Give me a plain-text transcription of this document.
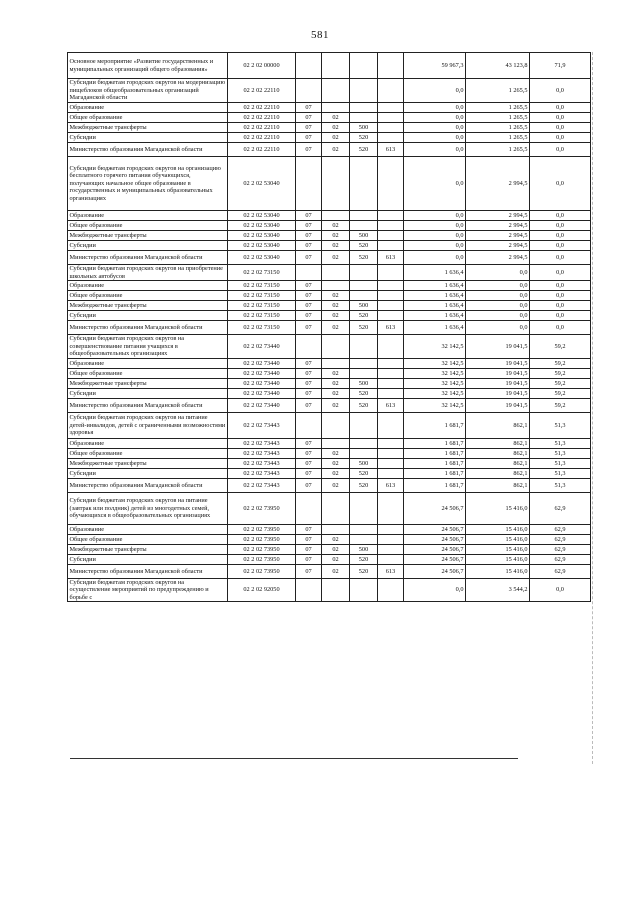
581
Основное мероприятие «Развитие государственных и муниципальных организаций общего образования»	02 2 02 00000					59 967,3	43 123,8	71,9
Субсидии бюджетам городских округов на модернизацию пищеблоков общеобразовательных организаций Магаданской области	02 2 02 22110					0,0	1 265,5	0,0
Образование	02 2 02 22110	07				0,0	1 265,5	0,0
Общее образование	02 2 02 22110	07	02			0,0	1 265,5	0,0
Межбюджетные трансферты	02 2 02 22110	07	02	500		0,0	1 265,5	0,0
Субсидии	02 2 02 22110	07	02	520		0,0	1 265,5	0,0
Министерство образования Магаданской области	02 2 02 22110	07	02	520	613	0,0	1 265,5	0,0
Субсидии бюджетам городских округов на организацию бесплатного горячего питания обучающихся, получающих начальное общее образование в государственных и муниципальных образовательных организациях	02 2 02 53040					0,0	2 994,5	0,0
Образование	02 2 02 53040	07				0,0	2 994,5	0,0
Общее образование	02 2 02 53040	07	02			0,0	2 994,5	0,0
Межбюджетные трансферты	02 2 02 53040	07	02	500		0,0	2 994,5	0,0
Субсидии	02 2 02 53040	07	02	520		0,0	2 994,5	0,0
Министерство образования Магаданской области	02 2 02 53040	07	02	520	613	0,0	2 994,5	0,0
Субсидии бюджетам городских округов на приобретение школьных автобусов	02 2 02 73150					1 636,4	0,0	0,0
Образование	02 2 02 73150	07				1 636,4	0,0	0,0
Общее образование	02 2 02 73150	07	02			1 636,4	0,0	0,0
Межбюджетные трансферты	02 2 02 73150	07	02	500		1 636,4	0,0	0,0
Субсидии	02 2 02 73150	07	02	520		1 636,4	0,0	0,0
Министерство образования Магаданской области	02 2 02 73150	07	02	520	613	1 636,4	0,0	0,0
Субсидии бюджетам городских округов на совершенствование питания учащихся в общеобразовательных организациях	02 2 02 73440					32 142,5	19 041,5	59,2
Образование	02 2 02 73440	07				32 142,5	19 041,5	59,2
Общее образование	02 2 02 73440	07	02			32 142,5	19 041,5	59,2
Межбюджетные трансферты	02 2 02 73440	07	02	500		32 142,5	19 041,5	59,2
Субсидии	02 2 02 73440	07	02	520		32 142,5	19 041,5	59,2
Министерство образования Магаданской области	02 2 02 73440	07	02	520	613	32 142,5	19 041,5	59,2
Субсидии бюджетам городских округов на питание детей-инвалидов, детей с ограниченными возможностями здоровья	02 2 02 73443					1 681,7	862,1	51,3
Образование	02 2 02 73443	07				1 681,7	862,1	51,3
Общее образование	02 2 02 73443	07	02			1 681,7	862,1	51,3
Межбюджетные трансферты	02 2 02 73443	07	02	500		1 681,7	862,1	51,3
Субсидии	02 2 02 73443	07	02	520		1 681,7	862,1	51,3
Министерство образования Магаданской области	02 2 02 73443	07	02	520	613	1 681,7	862,1	51,3
Субсидии бюджетам городских округов на питание (завтрак или полдник) детей из многодетных семей, обучающихся в общеобразовательных организациях	02 2 02 73950					24 506,7	15 416,0	62,9
Образование	02 2 02 73950	07				24 506,7	15 416,0	62,9
Общее образование	02 2 02 73950	07	02			24 506,7	15 416,0	62,9
Межбюджетные трансферты	02 2 02 73950	07	02	500		24 506,7	15 416,0	62,9
Субсидии	02 2 02 73950	07	02	520		24 506,7	15 416,0	62,9
Министерство образования Магаданской области	02 2 02 73950	07	02	520	613	24 506,7	15 416,0	62,9
Субсидии бюджетам городских округов на осуществление мероприятий по предупреждению и борьбе с	02 2 02 92050					0,0	3 544,2	0,0
